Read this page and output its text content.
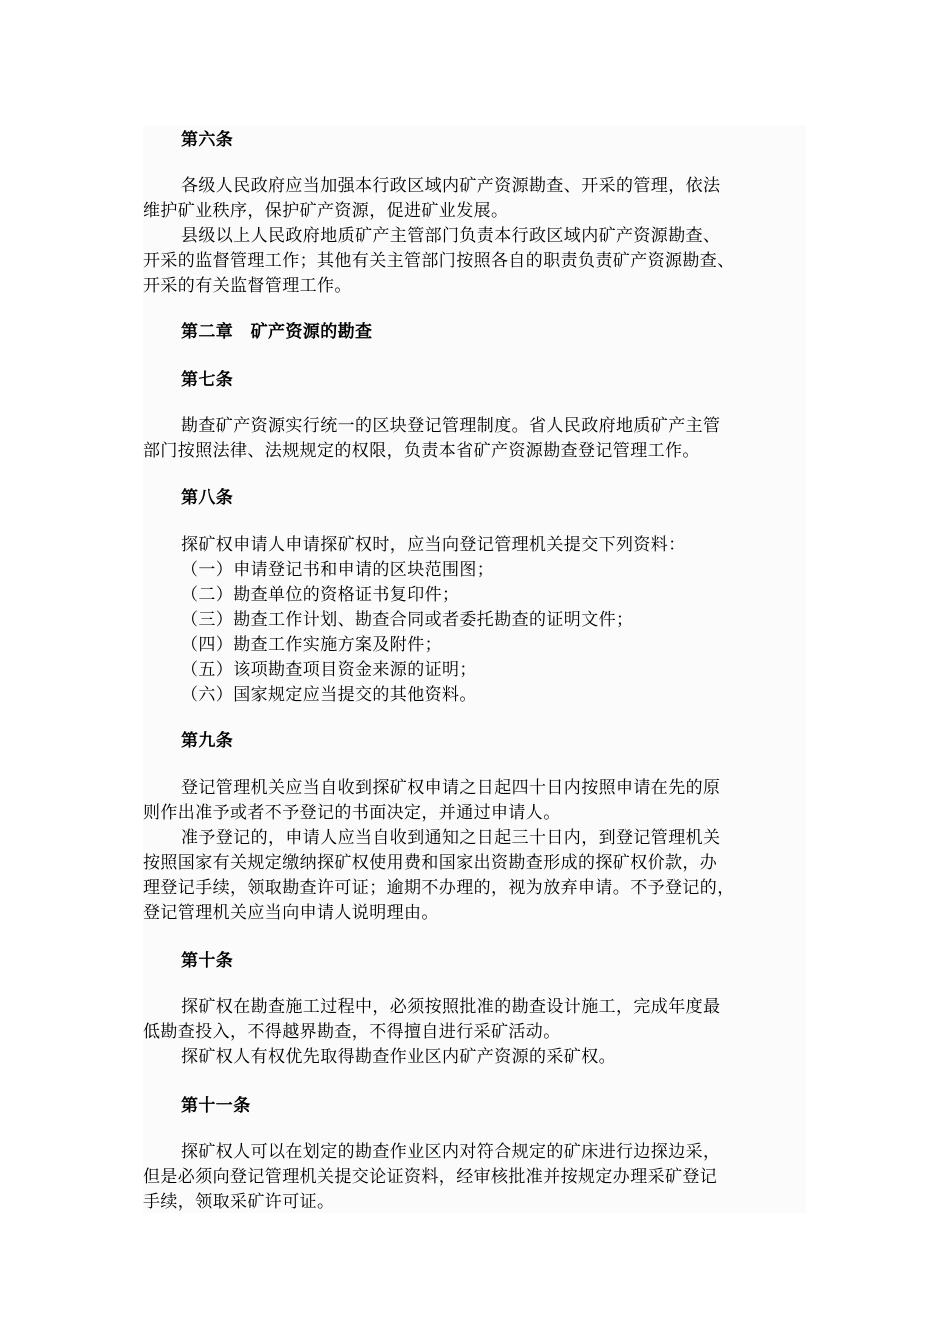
第六条
各级人民政府应当加强本行政区域内矿产资源勘查、开采的管理，依法
维护矿业秩序，保护矿产资源，促进矿业发展。
县级以上人民政府地质矿产主管部门负责本行政区域内矿产资源勘查、
开采的监督管理工作；其他有关主管部门按照各自的职责负责矿产资源勘查、
开采的有关监督管理工作。
第二章　矿产资源的勘查
第七条
勘查矿产资源实行统一的区块登记管理制度。省人民政府地质矿产主管
部门按照法律、法规规定的权限，负责本省矿产资源勘查登记管理工作。
第八条
探矿权申请人申请探矿权时，应当向登记管理机关提交下列资料：
（一）申请登记书和申请的区块范围图；
（二）勘查单位的资格证书复印件；
（三）勘查工作计划、勘查合同或者委托勘查的证明文件；
（四）勘查工作实施方案及附件；
（五）该项勘查项目资金来源的证明；
（六）国家规定应当提交的其他资料。
第九条
登记管理机关应当自收到探矿权申请之日起四十日内按照申请在先的原
则作出准予或者不予登记的书面决定，并通过申请人。
准予登记的，申请人应当自收到通知之日起三十日内，到登记管理机关
按照国家有关规定缴纳探矿权使用费和国家出资勘查形成的探矿权价款，办
理登记手续，领取勘查许可证；逾期不办理的，视为放弃申请。不予登记的，
登记管理机关应当向申请人说明理由。
第十条
探矿权在勘查施工过程中，必须按照批准的勘查设计施工，完成年度最
低勘查投入，不得越界勘查，不得擅自进行采矿活动。
探矿权人有权优先取得勘查作业区内矿产资源的采矿权。
第十一条
探矿权人可以在划定的勘查作业区内对符合规定的矿床进行边探边采，
但是必须向登记管理机关提交论证资料，经审核批准并按规定办理采矿登记
手续，领取采矿许可证。
